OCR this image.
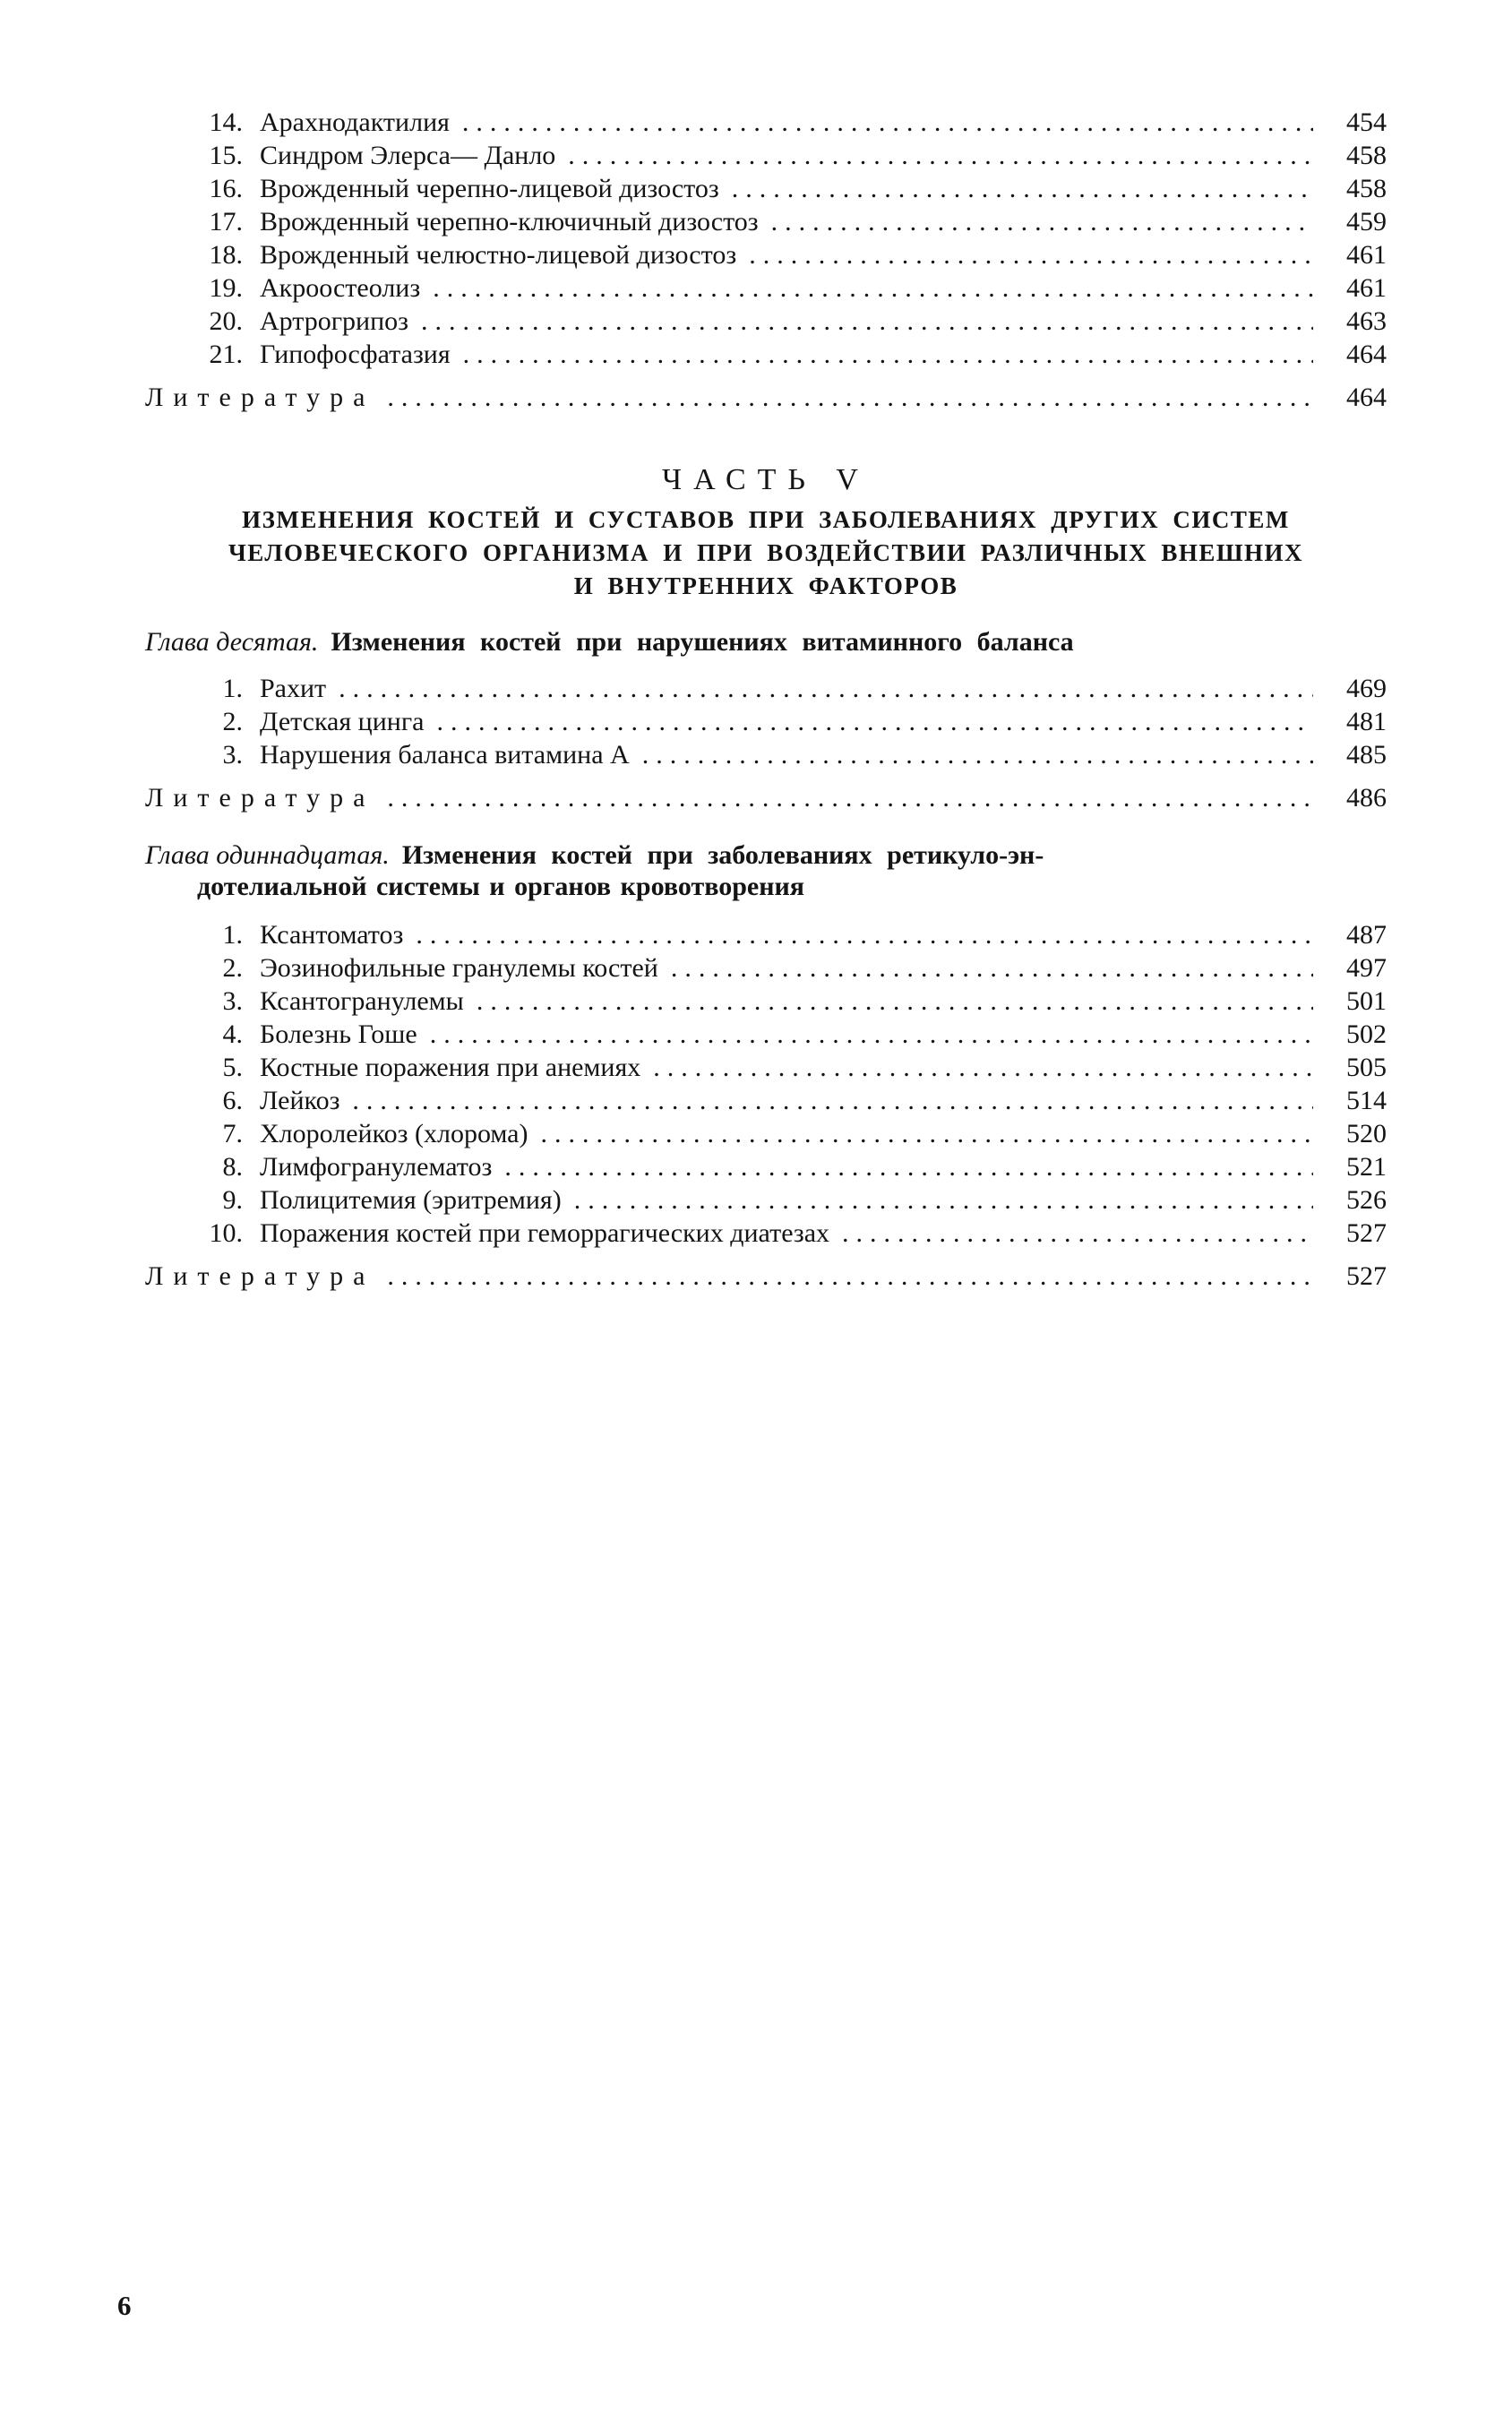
14. Арахнодактилия .....	454
15. Синдром Элерса— Данло .....	458
16. Врожденный черепно-лицевой дизостоз .....	458
17. Врожденный черепно-ключичный дизостоз .....	459
18. Врожденный челюстно-лицевой дизостоз .....	461
19. Акроостеолиз .....	461
20. Артрогрипоз .....	463
21. Гипофосфатазия .....	464
Литература .....	464
ЧАСТЬ V
ИЗМЕНЕНИЯ КОСТЕЙ И СУСТАВОВ ПРИ ЗАБОЛЕВАНИЯХ ДРУГИХ СИСТЕМ
ЧЕЛОВЕЧЕСКОГО ОРГАНИЗМА И ПРИ ВОЗДЕЙСТВИИ РАЗЛИЧНЫХ ВНЕШНИХ
И ВНУТРЕННИХ ФАКТОРОВ
Глава десятая. Изменения костей при нарушениях витаминного баланса
1. Рахит .....	469
2. Детская цинга .....	481
3. Нарушения баланса витамина А .....	485
Литература .....	486
Глава одиннадцатая. Изменения костей при заболеваниях ретикуло-эн-
дотелиальной системы и органов кровотворения
1. Ксантоматоз .....	487
2. Эозинофильные гранулемы костей .....	497
3. Ксантогранулемы .....	501
4. Болезнь Гоше .....	502
5. Костные поражения при анемиях .....	505
6. Лейкоз .....	514
7. Хлоролейкоз (хлорома) .....	520
8. Лимфогранулематоз .....	521
9. Полицитемия (эритремия) .....	526
10. Поражения костей при геморрагических диатезах .....	527
Литература .....	527
6
